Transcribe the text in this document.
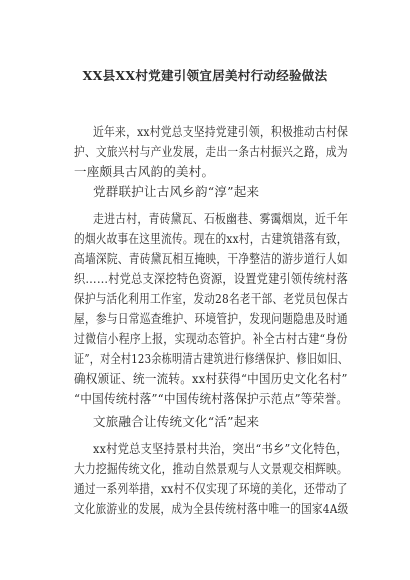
XX县XX村党建引领宜居美村行动经验做法
近年来，xx村党总支坚持党建引领，积极推动古村保
护、文旅兴村与产业发展，走出一条古村振兴之路，成为
一座颇具古风韵的美村。
党群联护让古风乡韵“淳”起来
走进古村，青砖黛瓦、石板幽巷、雾霭烟岚，近千年
的烟火故事在这里流传。现在的xx村，古建筑错落有致，
高墙深院、青砖黛瓦相互掩映，干净整洁的游步道行人如
织……村党总支深挖特色资源，设置党建引领传统村落
保护与活化利用工作室，发动28名老干部、老党员包保古
屋，参与日常巡查维护、环境管护，发现问题隐患及时通
过微信小程序上报，实现动态管护。补全古村古建“身份
证”，对全村123余栋明清古建筑进行修缮保护、修旧如旧、
确权颁证、统一流转。xx村获得“中国历史文化名村”
“中国传统村落”“中国传统村落保护示范点”等荣誉。
文旅融合让传统文化“活”起来
xx村党总支坚持景村共治，突出“书乡”文化特色，
大力挖掘传统文化，推动自然景观与人文景观交相辉映。
通过一系列举措，xx村不仅实现了环境的美化，还带动了
文化旅游业的发展，成为全县传统村落中唯一的国家4A级
